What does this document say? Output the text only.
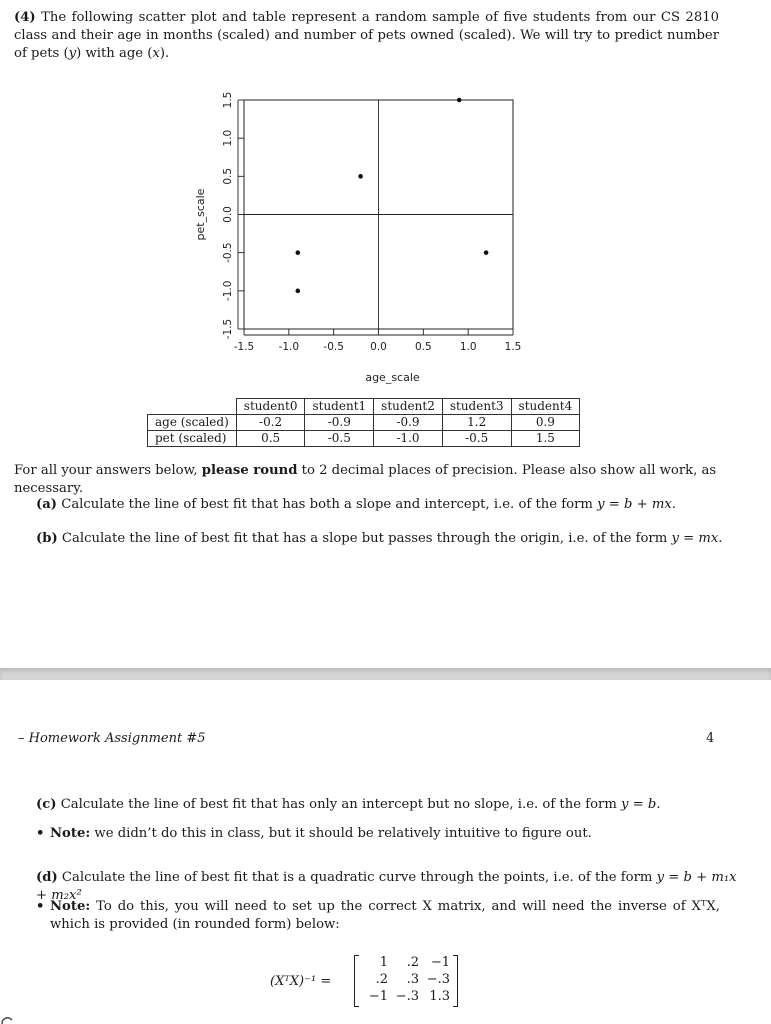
(4) The following scatter plot and table represent a random sample of five students from our CS 2810 class and their age in months (scaled) and number of pets owned (scaled). We will try to predict number of pets (y) with age (x).

-1.5 -1.0 -0.5 0.0	0.5	1.0	1.5
-1.5
-1.0
-0.5
0.0
0.5
1.0
1.5
age_scale
pet_scale
	student0	student1	student2	student3	student4
age (scaled)	-0.2	-0.9	-0.9	1.2	0.9
pet (scaled)	0.5	-0.5	-1.0	-0.5	1.5

For all your answers below, please round to 2 decimal places of precision. Please also show all work, as necessary.

(a) Calculate the line of best fit that has both a slope and intercept, i.e. of the form y = b + mx.

(b) Calculate the line of best fit that has a slope but passes through the origin, i.e. of the form y = mx.

– Homework Assignment #5	4

(c) Calculate the line of best fit that has only an intercept but no slope, i.e. of the form y = b.

• Note: we didn’t do this in class, but it should be relatively intuitive to figure out.

(d) Calculate the line of best fit that is a quadratic curve through the points, i.e. of the form y = b + m₁x + m₂x²

• Note: To do this, you will need to set up the correct X matrix, and will need the inverse of XᵀX, which is provided (in rounded form) below:
(XᵀX)⁻¹ =
1	.2 −1
.2	.3 −.3
−1 −.3 1.3
